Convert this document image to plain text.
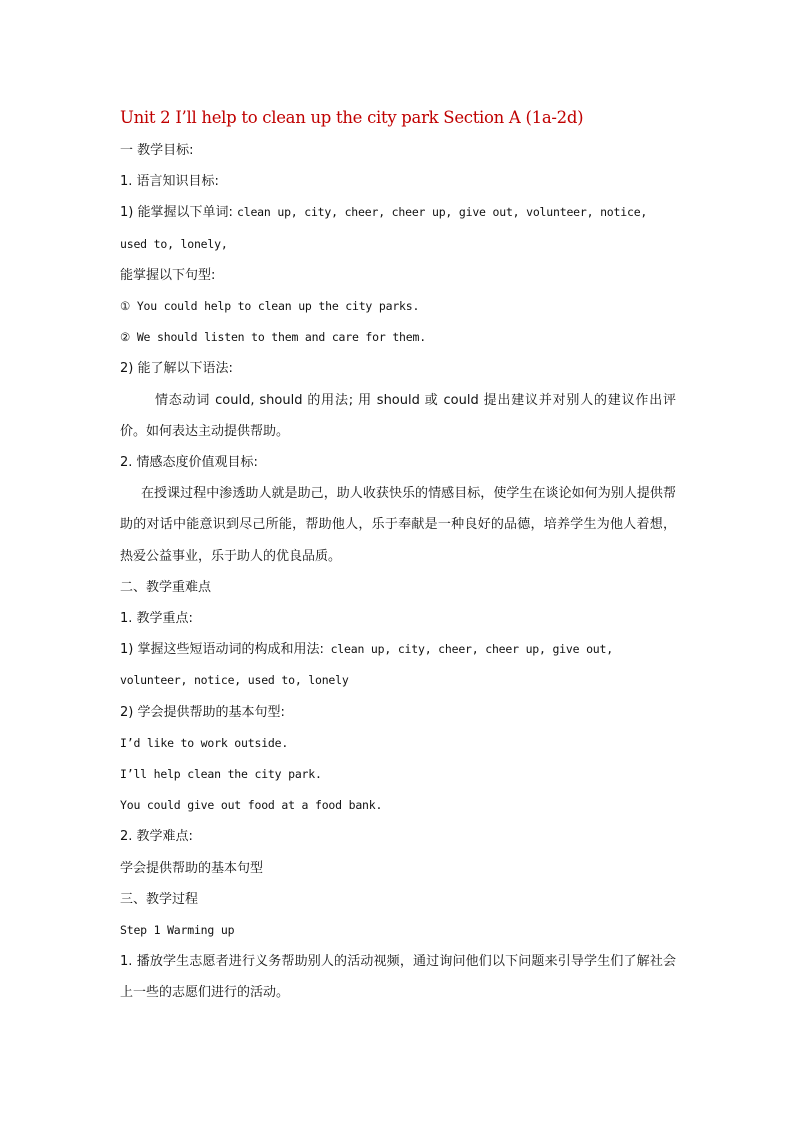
Unit 2 I’ll help to clean up the city park Section A (1a-2d)
一 教学目标:
1. 语言知识目标:
1) 能掌握以下单词: clean up, city, cheer, cheer up, give out, volunteer, notice,
used to, lonely,
能掌握以下句型:
① You could help to clean up the city parks.
② We should listen to them and care for them.
2) 能了解以下语法:
情态动词 could, should 的用法; 用 should 或 could 提出建议并对别人的建议作出评价。如何表达主动提供帮助。
2. 情感态度价值观目标:
在授课过程中渗透助人就是助己，助人收获快乐的情感目标，使学生在谈论如何为别人提供帮助的对话中能意识到尽己所能，帮助他人，乐于奉献是一种良好的品德，培养学生为他人着想，热爱公益事业，乐于助人的优良品质。
二、教学重难点
1. 教学重点:
1) 掌握这些短语动词的构成和用法: clean up, city, cheer, cheer up, give out,
volunteer, notice, used to, lonely
2) 学会提供帮助的基本句型:
I’d like to work outside.
I’ll help clean the city park.
You could give out food at a food bank.
2. 教学难点:
学会提供帮助的基本句型
三、教学过程
Step 1 Warming up
1. 播放学生志愿者进行义务帮助别人的活动视频，通过询问他们以下问题来引导学生们了解社会上一些的志愿们进行的活动。
